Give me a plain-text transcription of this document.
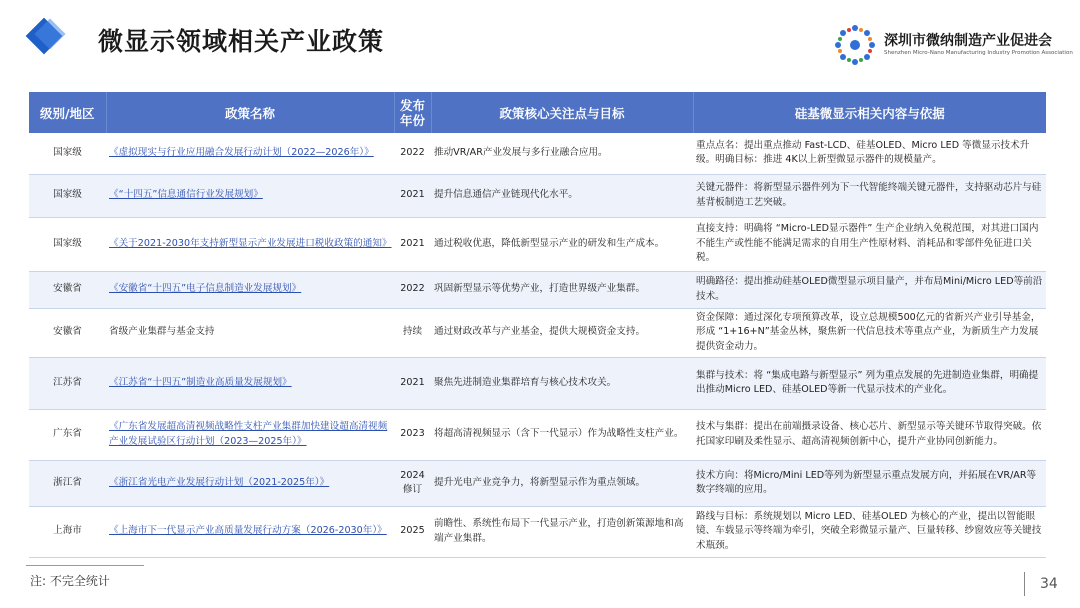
微显示领域相关产业政策	深圳市微纳制造产业促进会
Shenzhen Micro-Nano Manufacturing Industry Promotion Association
级别/地区	政策名称	发布年份	政策核心关注点与目标	硅基微显示相关内容与依据
国家级	《虚拟现实与行业应用融合发展行动计划（2022—2026年）》	2022	推动VR/AR产业发展与多行业融合应用。	重点点名：提出重点推动 Fast-LCD、硅基OLED、Micro LED 等微显示技术升级。明确目标：推进 4K以上新型微显示器件的规模量产。
国家级	《“十四五”信息通信行业发展规划》	2021	提升信息通信产业链现代化水平。	关键元器件：将新型显示器件列为下一代智能终端关键元器件，支持驱动芯片与硅基背板制造工艺突破。
国家级	《关于2021-2030年支持新型显示产业发展进口税收政策的通知》	2021	通过税收优惠，降低新型显示产业的研发和生产成本。	直接支持：明确将 “Micro-LED显示器件” 生产企业纳入免税范围，对其进口国内不能生产或性能不能满足需求的自用生产性原材料、消耗品和零部件免征进口关税。
安徽省	《安徽省“十四五”电子信息制造业发展规划》	2022	巩固新型显示等优势产业，打造世界级产业集群。	明确路径：提出推动硅基OLED微型显示项目量产，并布局Mini/Micro LED等前沿技术。
安徽省	省级产业集群与基金支持	持续	通过财政改革与产业基金，提供大规模资金支持。	资金保障：通过深化专项预算改革，设立总规模500亿元的省新兴产业引导基金，形成 “1+16+N”基金丛林，聚焦新一代信息技术等重点产业，为新质生产力发展提供资金动力。
江苏省	《江苏省“十四五”制造业高质量发展规划》	2021	聚焦先进制造业集群培育与核心技术攻关。	集群与技术：将 “集成电路与新型显示” 列为重点发展的先进制造业集群，明确提出推动Micro LED、硅基OLED等新一代显示技术的产业化。
广东省	《广东省发展超高清视频战略性支柱产业集群加快建设超高清视频产业发展试验区行动计划（2023—2025年）》	2023	将超高清视频显示（含下一代显示）作为战略性支柱产业。	技术与集群：提出在前端摄录设备、核心芯片、新型显示等关键环节取得突破。依托国家印刷及柔性显示、超高清视频创新中心，提升产业协同创新能力。
浙江省	《浙江省光电产业发展行动计划（2021-2025年）》	2024修订	提升光电产业竞争力，将新型显示作为重点领域。	技术方向：将Micro/Mini LED等列为新型显示重点发展方向，并拓展在VR/AR等数字终端的应用。
上海市	《上海市下一代显示产业高质量发展行动方案（2026-2030年）》	2025	前瞻性、系统性布局下一代显示产业，打造创新策源地和高端产业集群。	路线与目标：系统规划以 Micro LED、硅基OLED 为核心的产业，提出以智能眼镜、车载显示等终端为牵引，突破全彩微显示量产、巨量转移、纱窗效应等关键技术瓶颈。
注: 不完全统计	34
